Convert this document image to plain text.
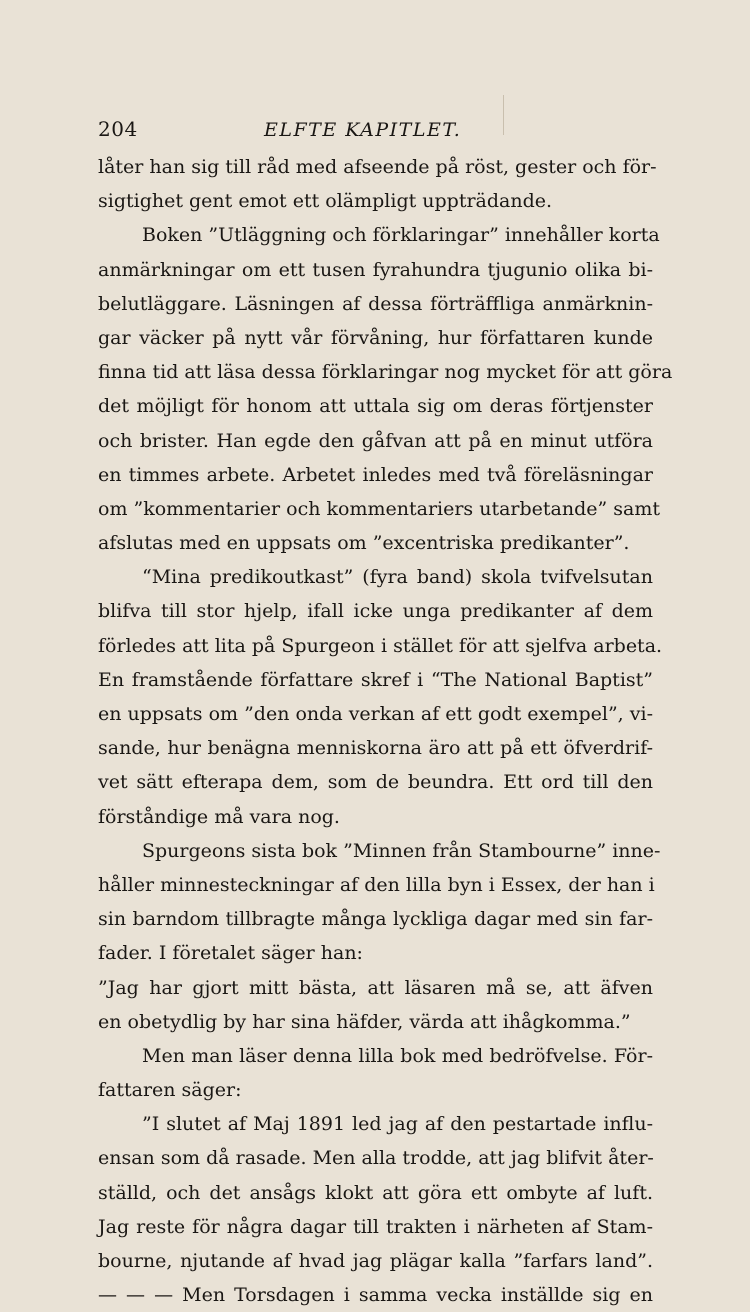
204	ELFTE KAPITLET.
låter han sig till råd med afseende på röst, gester och för-
sigtighet gent emot ett olämpligt uppträdande.
Boken ”Utläggning och förklaringar” innehåller korta
anmärkningar om ett tusen fyrahundra tjugunio olika bi-
belutläggare. Läsningen af dessa förträffliga anmärknin-
gar väcker på nytt vår förvåning, hur författaren kunde
finna tid att läsa dessa förklaringar nog mycket för att göra
det möjligt för honom att uttala sig om deras förtjenster
och brister. Han egde den gåfvan att på en minut utföra
en timmes arbete. Arbetet inledes med två föreläsningar
om ”kommentarier och kommentariers utarbetande” samt
afslutas med en uppsats om ”excentriska predikanter”.
“Mina predikoutkast” (fyra band) skola tvifvelsutan
blifva till stor hjelp, ifall icke unga predikanter af dem
förledes att lita på Spurgeon i stället för att sjelfva arbeta.
En framstående författare skref i “The National Baptist”
en uppsats om ”den onda verkan af ett godt exempel”, vi-
sande, hur benägna menniskorna äro att på ett öfverdrif-
vet sätt efterapa dem, som de beundra. Ett ord till den
förståndige må vara nog.
Spurgeons sista bok ”Minnen från Stambourne” inne-
håller minnesteckningar af den lilla byn i Essex, der han i
sin barndom tillbragte många lyckliga dagar med sin far-
fader. I företalet säger han:
”Jag har gjort mitt bästa, att läsaren må se, att äfven
en obetydlig by har sina häfder, värda att ihågkomma.”
Men man läser denna lilla bok med bedröfvelse. För-
fattaren säger:
”I slutet af Maj 1891 led jag af den pestartade influ-
ensan som då rasade. Men alla trodde, att jag blifvit åter-
ställd, och det ansågs klokt att göra ett ombyte af luft.
Jag reste för några dagar till trakten i närheten af Stam-
bourne, njutande af hvad jag plägar kalla ”farfars land”.
— — — Men Torsdagen i samma vecka inställde sig en
